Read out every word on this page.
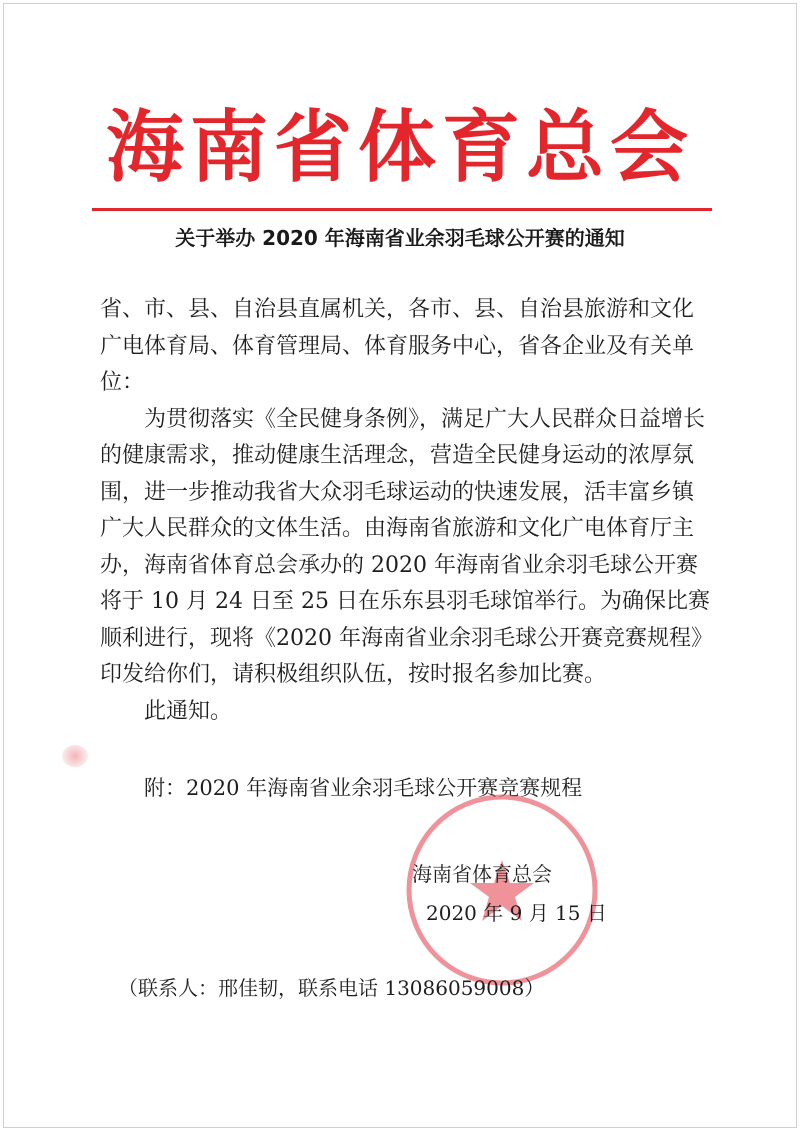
海南省体育总会
关于举办 2020 年海南省业余羽毛球公开赛的通知

省、市、县、自治县直属机关，各市、县、自治县旅游和文化广电体育局、体育管理局、体育服务中心，省各企业及有关单位：

为贯彻落实《全民健身条例》，满足广大人民群众日益增长的健康需求，推动健康生活理念，营造全民健身运动的浓厚氛围，进一步推动我省大众羽毛球运动的快速发展，活丰富乡镇广大人民群众的文体生活。由海南省旅游和文化广电体育厅主办，海南省体育总会承办的 2020 年海南省业余羽毛球公开赛将于 10 月 24 日至 25 日在乐东县羽毛球馆举行。为确保比赛顺利进行，现将《2020 年海南省业余羽毛球公开赛竞赛规程》印发给你们，请积极组织队伍，按时报名参加比赛。

此通知。

附：2020 年海南省业余羽毛球公开赛竞赛规程
海南省体育总会
2020 年 9 月 15 日
（联系人：邢佳韧，联系电话 13086059008）
